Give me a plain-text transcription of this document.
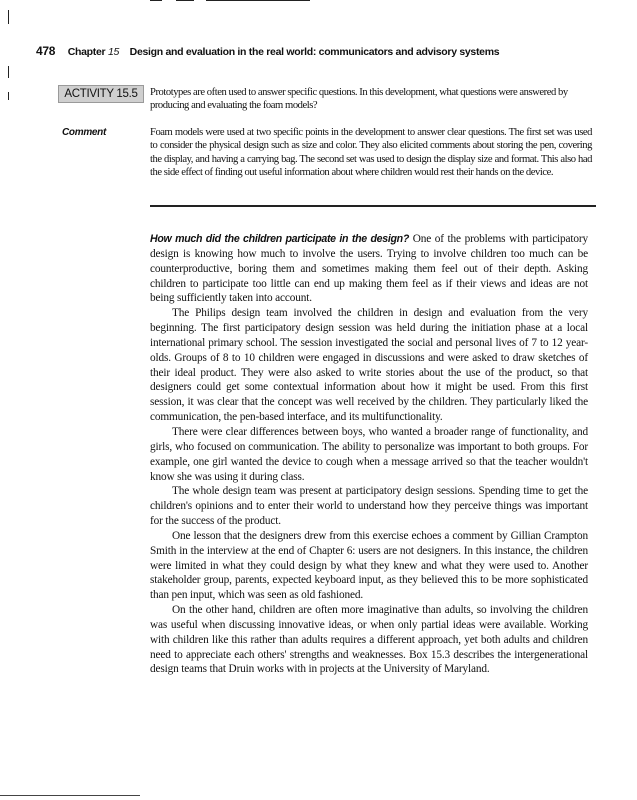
478 Chapter 15 Design and evaluation in the real world: communicators and advisory systems
ACTIVITY 15.5	Prototypes are often used to answer specific questions. In this development, what questions were answered by producing and evaluating the foam models?
Comment	Foam models were used at two specific points in the development to answer clear questions. The first set was used to consider the physical design such as size and color. They also elicited comments about storing the pen, covering the display, and having a carrying bag. The second set was used to design the display size and format. This also had the side effect of finding out useful information about where children would rest their hands on the device.

How much did the children participate in the design? One of the problems with participatory design is knowing how much to involve the users. Trying to involve children too much can be counterproductive, boring them and sometimes making them feel out of their depth. Asking children to participate too little can end up making them feel as if their views and ideas are not being sufficiently taken into account.

The Philips design team involved the children in design and evaluation from the very beginning. The first participatory design session was held during the initiation phase at a local international primary school. The session investigated the social and personal lives of 7 to 12 year-olds. Groups of 8 to 10 children were engaged in discussions and were asked to draw sketches of their ideal product. They were also asked to write stories about the use of the product, so that designers could get some contextual information about how it might be used. From this first session, it was clear that the concept was well received by the children. They particularly liked the communication, the pen-based interface, and its multifunctionality.

There were clear differences between boys, who wanted a broader range of functionality, and girls, who focused on communication. The ability to personalize was important to both groups. For example, one girl wanted the device to cough when a message arrived so that the teacher wouldn't know she was using it during class.

The whole design team was present at participatory design sessions. Spending time to get the children's opinions and to enter their world to understand how they perceive things was important for the success of the product.

One lesson that the designers drew from this exercise echoes a comment by Gillian Crampton Smith in the interview at the end of Chapter 6: users are not designers. In this instance, the children were limited in what they could design by what they knew and what they were used to. Another stakeholder group, parents, expected keyboard input, as they believed this to be more sophisticated than pen input, which was seen as old fashioned.

On the other hand, children are often more imaginative than adults, so involving the children was useful when discussing innovative ideas, or when only partial ideas were available. Working with children like this rather than adults requires a different approach, yet both adults and children need to appreciate each others' strengths and weaknesses. Box 15.3 describes the intergenerational design teams that Druin works with in projects at the University of Maryland.
